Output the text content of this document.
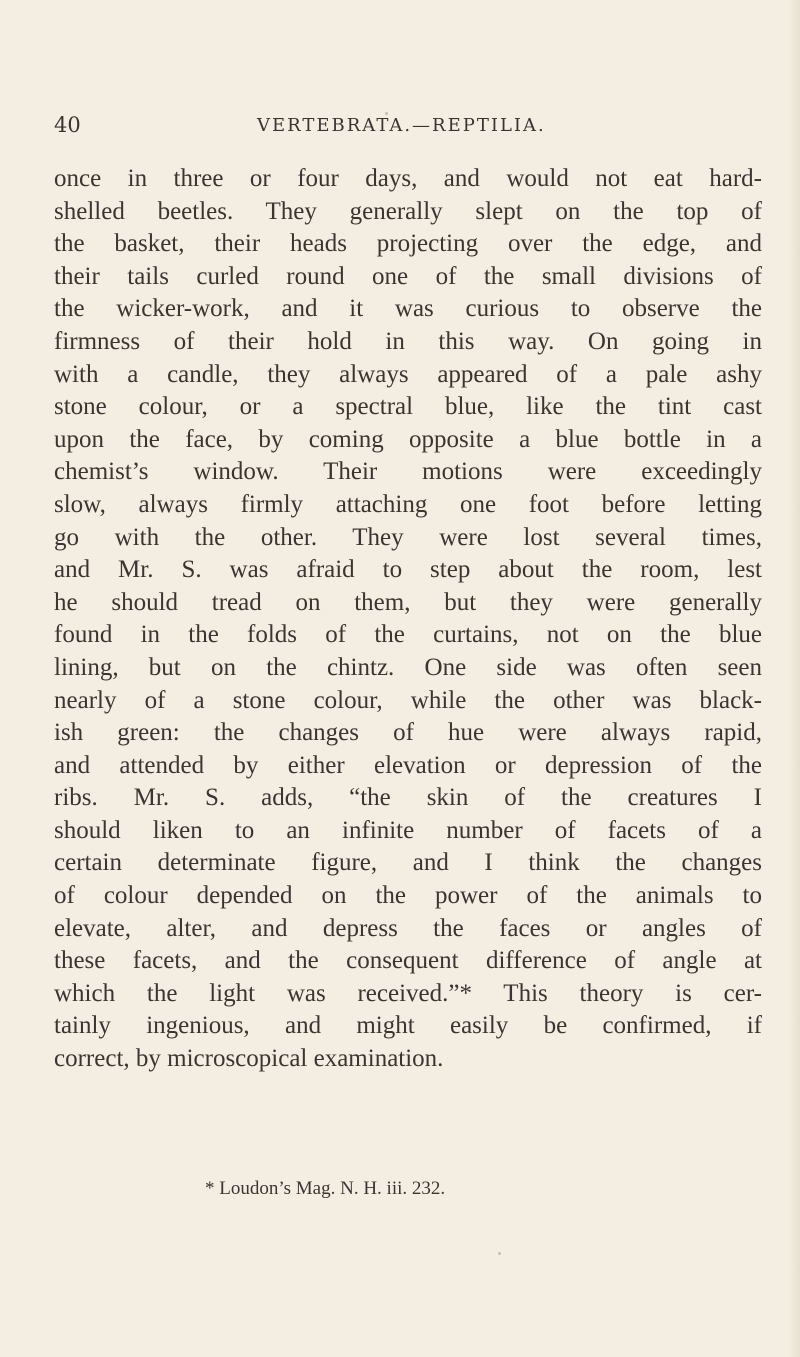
40	VERTEBRATA.—REPTILIA.
once in three or four days, and would not eat hard-
shelled beetles. They generally slept on the top of
the basket, their heads projecting over the edge, and
their tails curled round one of the small divisions of
the wicker-work, and it was curious to observe the
firmness of their hold in this way. On going in
with a candle, they always appeared of a pale ashy
stone colour, or a spectral blue, like the tint cast
upon the face, by coming opposite a blue bottle in a
chemist’s window. Their motions were exceedingly
slow, always firmly attaching one foot before letting
go with the other. They were lost several times,
and Mr. S. was afraid to step about the room, lest
he should tread on them, but they were generally
found in the folds of the curtains, not on the blue
lining, but on the chintz. One side was often seen
nearly of a stone colour, while the other was black-
ish green: the changes of hue were always rapid,
and attended by either elevation or depression of the
ribs. Mr. S. adds, “the skin of the creatures I
should liken to an infinite number of facets of a
certain determinate figure, and I think the changes
of colour depended on the power of the animals to
elevate, alter, and depress the faces or angles of
these facets, and the consequent difference of angle at
which the light was received.”* This theory is cer-
tainly ingenious, and might easily be confirmed, if
correct, by microscopical examination.
* Loudon’s Mag. N. H. iii. 232.
